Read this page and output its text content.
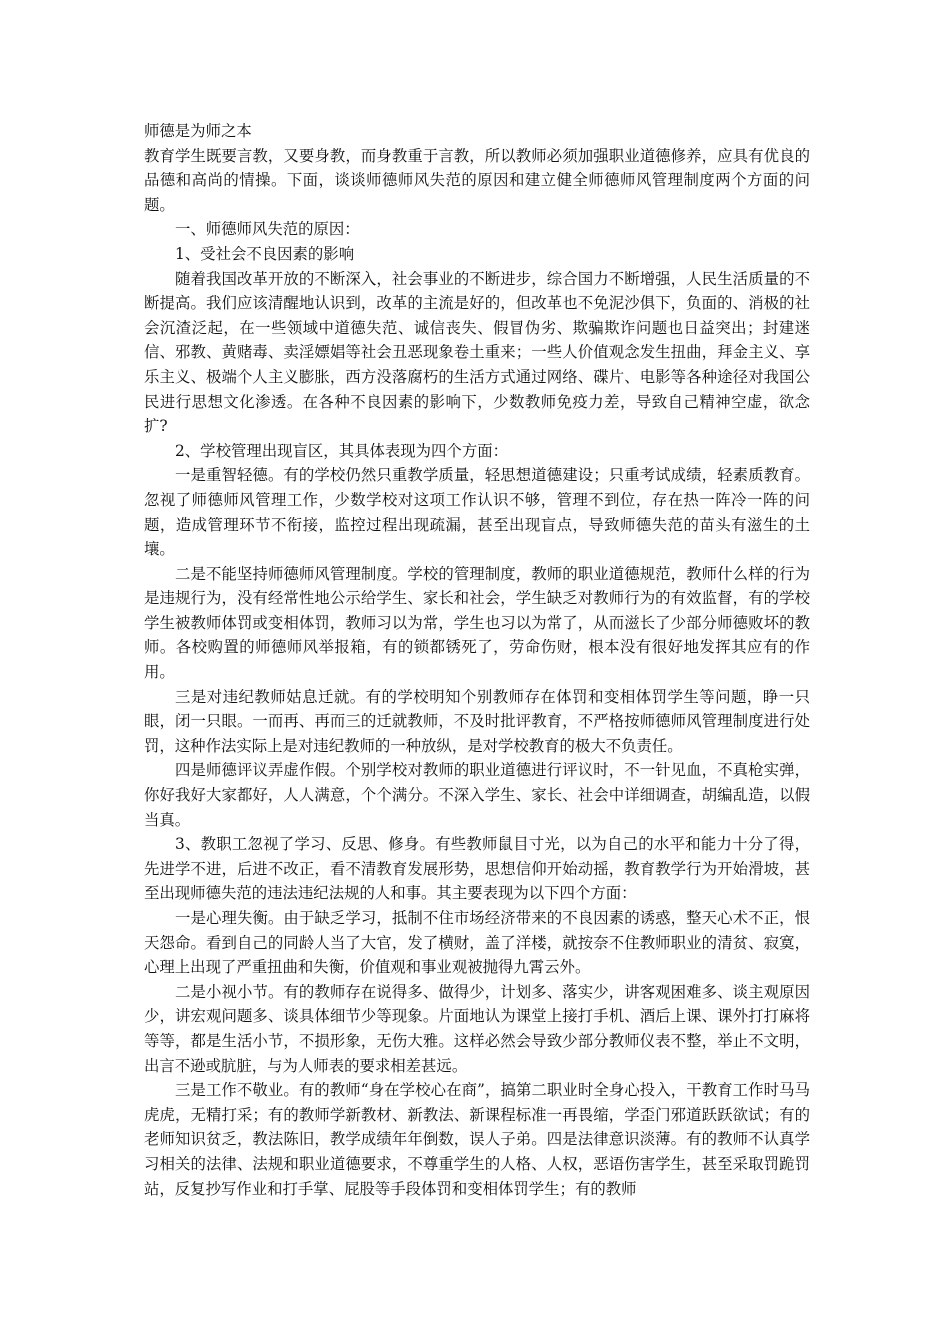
师德是为师之本

教育学生既要言教，又要身教，而身教重于言教，所以教师必须加强职业道德修养，应具有优良的品德和高尚的情操。下面，谈谈师德师风失范的原因和建立健全师德师风管理制度两个方面的问题。

一、师德师风失范的原因：

1、受社会不良因素的影响

随着我国改革开放的不断深入，社会事业的不断进步，综合国力不断增强，人民生活质量的不断提高。我们应该清醒地认识到，改革的主流是好的，但改革也不免泥沙俱下，负面的、消极的社会沉渣泛起，在一些领域中道德失范、诚信丧失、假冒伪劣、欺骗欺诈问题也日益突出；封建迷信、邪教、黄赌毒、卖淫嫖娼等社会丑恶现象卷土重来；一些人价值观念发生扭曲，拜金主义、享乐主义、极端个人主义膨胀，西方没落腐朽的生活方式通过网络、碟片、电影等各种途径对我国公民进行思想文化渗透。在各种不良因素的影响下，少数教师免疫力差，导致自己精神空虚，欲念扩?

2、学校管理出现盲区，其具体表现为四个方面：

一是重智轻德。有的学校仍然只重教学质量，轻思想道德建设；只重考试成绩，轻素质教育。忽视了师德师风管理工作，少数学校对这项工作认识不够，管理不到位，存在热一阵冷一阵的问题，造成管理环节不衔接，监控过程出现疏漏，甚至出现盲点，导致师德失范的苗头有滋生的土壤。

二是不能坚持师德师风管理制度。学校的管理制度，教师的职业道德规范，教师什么样的行为是违规行为，没有经常性地公示给学生、家长和社会，学生缺乏对教师行为的有效监督，有的学校学生被教师体罚或变相体罚，教师习以为常，学生也习以为常了，从而滋长了少部分师德败坏的教师。各校购置的师德师风举报箱，有的锁都锈死了，劳命伤财，根本没有很好地发挥其应有的作用。

三是对违纪教师姑息迁就。有的学校明知个别教师存在体罚和变相体罚学生等问题，睁一只眼，闭一只眼。一而再、再而三的迁就教师，不及时批评教育，不严格按师德师风管理制度进行处罚，这种作法实际上是对违纪教师的一种放纵，是对学校教育的极大不负责任。

四是师德评议弄虚作假。个别学校对教师的职业道德进行评议时，不一针见血，不真枪实弹，你好我好大家都好，人人满意，个个满分。不深入学生、家长、社会中详细调查，胡编乱造，以假当真。

3、教职工忽视了学习、反思、修身。有些教师鼠目寸光，以为自己的水平和能力十分了得，先进学不进，后进不改正，看不清教育发展形势，思想信仰开始动摇，教育教学行为开始滑坡，甚至出现师德失范的违法违纪法规的人和事。其主要表现为以下四个方面：

一是心理失衡。由于缺乏学习，抵制不住市场经济带来的不良因素的诱惑，整天心术不正，恨天怨命。看到自己的同龄人当了大官，发了横财，盖了洋楼，就按奈不住教师职业的清贫、寂寞，心理上出现了严重扭曲和失衡，价值观和事业观被抛得九霄云外。

二是小视小节。有的教师存在说得多、做得少，计划多、落实少，讲客观困难多、谈主观原因少，讲宏观问题多、谈具体细节少等现象。片面地认为课堂上接打手机、酒后上课、课外打打麻将等等，都是生活小节，不损形象，无伤大雅。这样必然会导致少部分教师仪表不整，举止不文明，出言不逊或肮脏，与为人师表的要求相差甚远。

三是工作不敬业。有的教师“身在学校心在商”，搞第二职业时全身心投入，干教育工作时马马虎虎，无精打采；有的教师学新教材、新教法、新课程标准一再畏缩，学歪门邪道跃跃欲试；有的老师知识贫乏，教法陈旧，教学成绩年年倒数，误人子弟。四是法律意识淡薄。有的教师不认真学习相关的法律、法规和职业道德要求，不尊重学生的人格、人权，恶语伤害学生，甚至采取罚跪罚站，反复抄写作业和打手掌、屁股等手段体罚和变相体罚学生；有的教师
